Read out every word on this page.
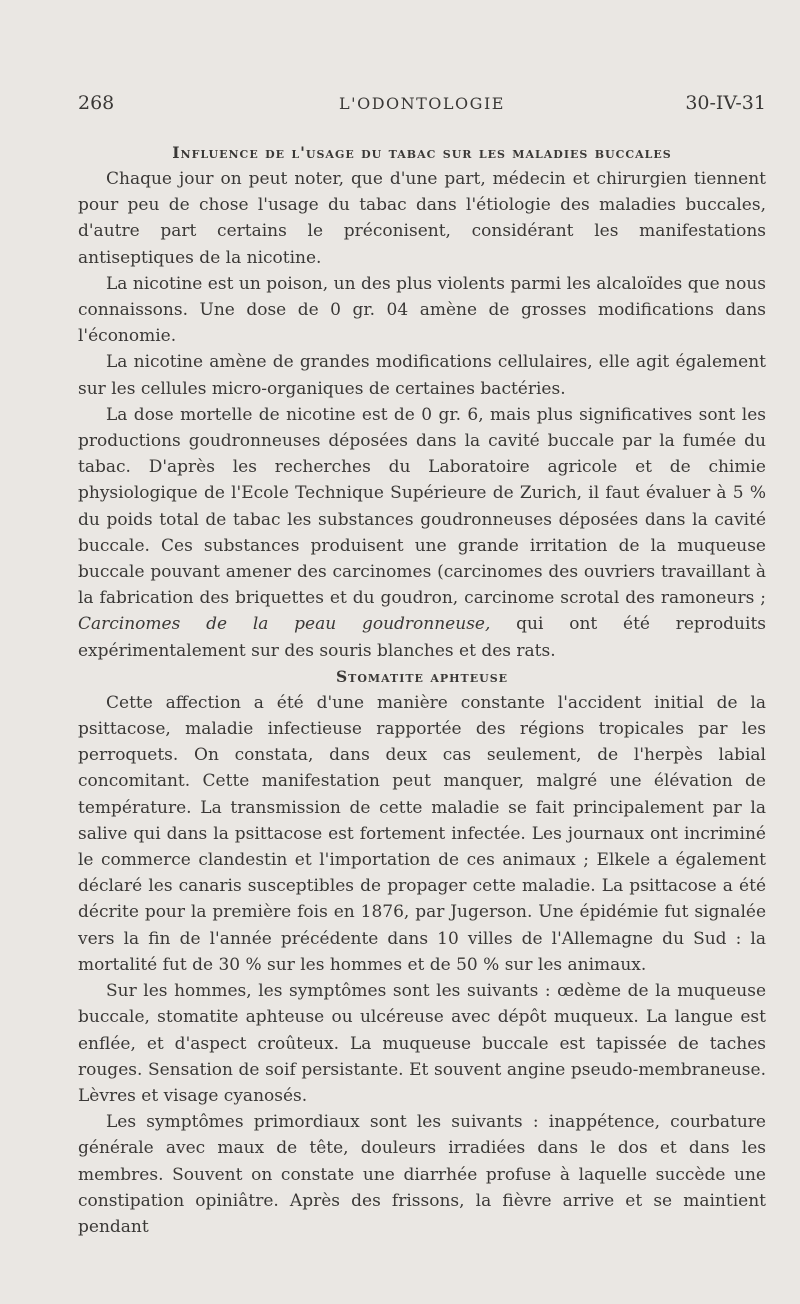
268	L'ODONTOLOGIE	30-IV-31
Influence de l'usage du tabac sur les maladies buccales

Chaque jour on peut noter, que d'une part, médecin et chirurgien tiennent pour peu de chose l'usage du tabac dans l'étiologie des maladies buccales, d'autre part certains le préconisent, considérant les manifestations antiseptiques de la nicotine.

La nicotine est un poison, un des plus violents parmi les alcaloïdes que nous connaissons. Une dose de 0 gr. 04 amène de grosses modifications dans l'économie.

La nicotine amène de grandes modifications cellulaires, elle agit également sur les cellules micro-organiques de certaines bactéries.

La dose mortelle de nicotine est de 0 gr. 6, mais plus significatives sont les productions goudronneuses déposées dans la cavité buccale par la fumée du tabac. D'après les recherches du Laboratoire agricole et de chimie physiologique de l'Ecole Technique Supérieure de Zurich, il faut évaluer à 5 % du poids total de tabac les substances goudronneuses déposées dans la cavité buccale. Ces substances produisent une grande irritation de la muqueuse buccale pouvant amener des carcinomes (carcinomes des ouvriers travaillant à la fabrication des briquettes et du goudron, carcinome scrotal des ramoneurs ; Carcinomes de la peau goudronneuse, qui ont été reproduits expérimentalement sur des souris blanches et des rats.

Stomatite aphteuse

Cette affection a été d'une manière constante l'accident initial de la psittacose, maladie infectieuse rapportée des régions tropicales par les perroquets. On constata, dans deux cas seulement, de l'herpès labial concomitant. Cette manifestation peut manquer, malgré une élévation de température. La transmission de cette maladie se fait principalement par la salive qui dans la psittacose est fortement infectée. Les journaux ont incriminé le commerce clandestin et l'importation de ces animaux ; Elkele a également déclaré les canaris susceptibles de propager cette maladie. La psittacose a été décrite pour la première fois en 1876, par Jugerson. Une épidémie fut signalée vers la fin de l'année précédente dans 10 villes de l'Allemagne du Sud : la mortalité fut de 30 % sur les hommes et de 50 % sur les animaux.

Sur les hommes, les symptômes sont les suivants : œdème de la muqueuse buccale, stomatite aphteuse ou ulcéreuse avec dépôt muqueux. La langue est enflée, et d'aspect croûteux. La muqueuse buccale est tapissée de taches rouges. Sensation de soif persistante. Et souvent angine pseudo-membraneuse. Lèvres et visage cyanosés.

Les symptômes primordiaux sont les suivants : inappétence, courbature générale avec maux de tête, douleurs irradiées dans le dos et dans les membres. Souvent on constate une diarrhée profuse à laquelle succède une constipation opiniâtre. Après des frissons, la fièvre arrive et se maintient pendant
